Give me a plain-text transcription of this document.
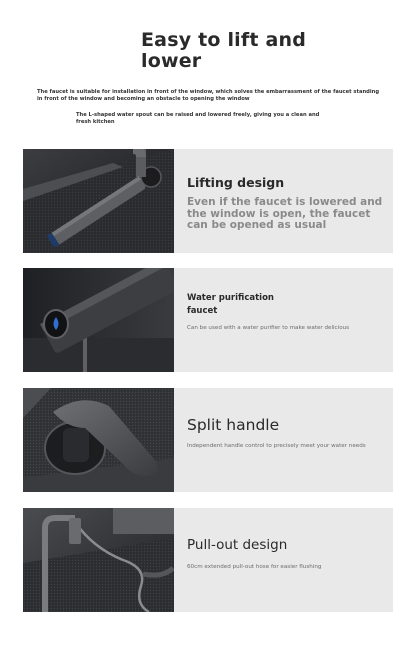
Easy to lift and
lower
The faucet is suitable for installation in front of the window, which solves the embarrassment of the faucet standing in front of the window and becoming an obstacle to opening the window
The L-shaped water spout can be raised and lowered freely, giving you a clean and fresh kitchen
Lifting design
Even if the faucet is lowered and the window is open, the faucet can be opened as usual
Water purification
faucet
Can be used with a water purifier to make water delicious
Split handle
Independent handle control to precisely meet your water needs
Pull-out design
60cm extended pull-out hose for easier flushing
